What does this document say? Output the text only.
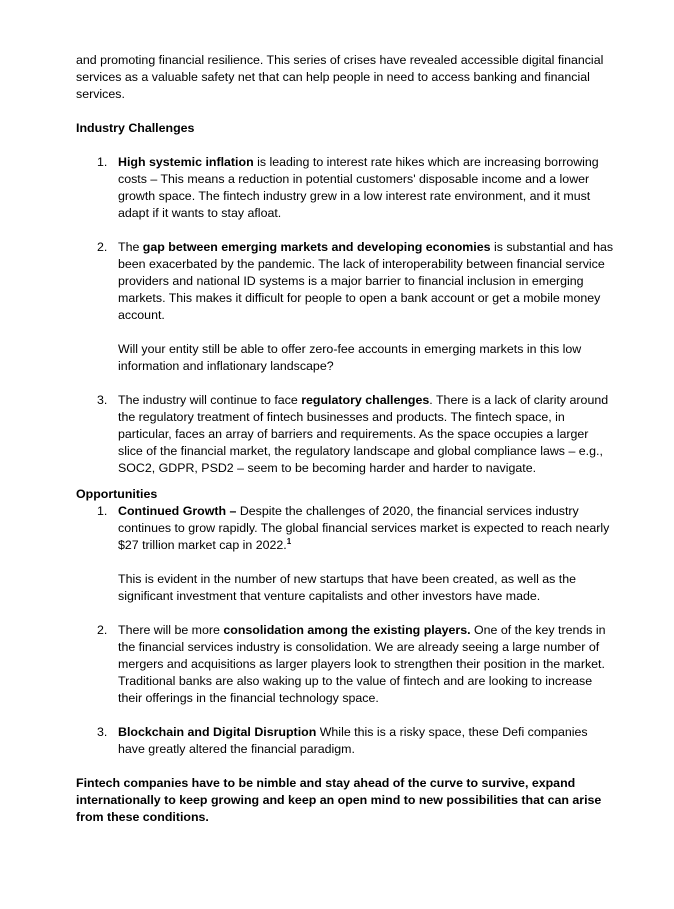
and promoting financial resilience. This series of crises have revealed accessible digital financial services as a valuable safety net that can help people in need to access banking and financial services.

Industry Challenges

1. High systemic inflation is leading to interest rate hikes which are increasing borrowing costs – This means a reduction in potential customers' disposable income and a lower growth space. The fintech industry grew in a low interest rate environment, and it must adapt if it wants to stay afloat.

2. The gap between emerging markets and developing economies is substantial and has been exacerbated by the pandemic. The lack of interoperability between financial service providers and national ID systems is a major barrier to financial inclusion in emerging markets. This makes it difficult for people to open a bank account or get a mobile money account.

Will your entity still be able to offer zero-fee accounts in emerging markets in this low information and inflationary landscape?

3. The industry will continue to face regulatory challenges. There is a lack of clarity around the regulatory treatment of fintech businesses and products. The fintech space, in particular, faces an array of barriers and requirements. As the space occupies a larger slice of the financial market, the regulatory landscape and global compliance laws – e.g., SOC2, GDPR, PSD2 – seem to be becoming harder and harder to navigate.

Opportunities

1. Continued Growth – Despite the challenges of 2020, the financial services industry continues to grow rapidly. The global financial services market is expected to reach nearly $27 trillion market cap in 2022.$^1$

This is evident in the number of new startups that have been created, as well as the significant investment that venture capitalists and other investors have made.

2. There will be more consolidation among the existing players. One of the key trends in the financial services industry is consolidation. We are already seeing a large number of mergers and acquisitions as larger players look to strengthen their position in the market. Traditional banks are also waking up to the value of fintech and are looking to increase their offerings in the financial technology space.

3. Blockchain and Digital Disruption While this is a risky space, these Defi companies have greatly altered the financial paradigm.

Fintech companies have to be nimble and stay ahead of the curve to survive, expand internationally to keep growing and keep an open mind to new possibilities that can arise from these conditions.
